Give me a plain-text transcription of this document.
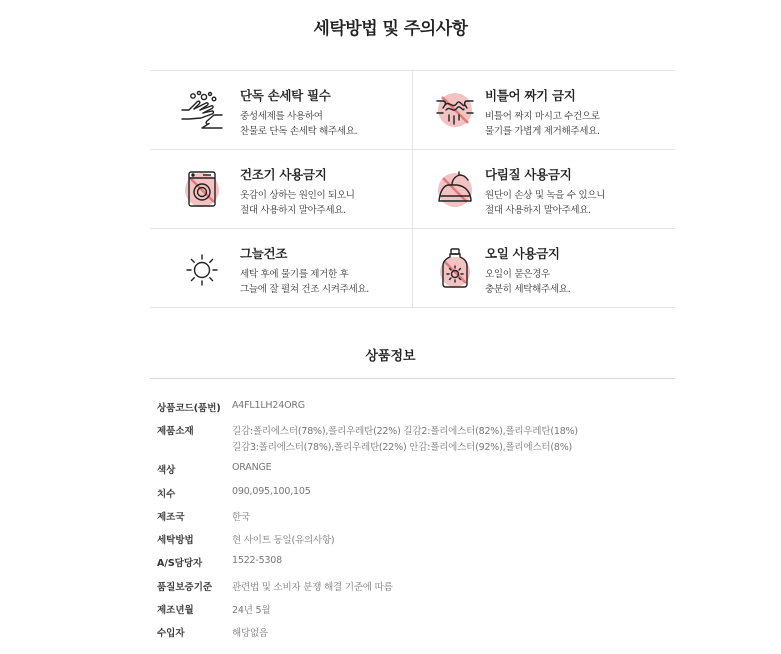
세탁방법 및 주의사항
단독 손세탁 필수
중성세제를 사용하여
찬물로 단독 손세탁 해주세요.
비틀어 짜기 금지
비틀어 짜지 마시고 수건으로
물기를 가볍게 제거해주세요.
건조기 사용금지
옷감이 상하는 원인이 되오니
절대 사용하지 말아주세요.
다림질 사용금지
원단이 손상 및 녹을 수 있으니
절대 사용하지 말아주세요.
그늘건조
세탁 후에 물기를 제거한 후
그늘에 잘 펼쳐 건조 시켜주세요.
오일 사용금지
오일이 묻은경우
충분히 세탁해주세요.
상품정보
상품코드(품번) A4FL1LH24ORG
제품소재	길감:폴리에스터(78%),폴리우레탄(22%) 길감2:폴리에스터(82%),폴리우레탄(18%)
길감3:폴리에스터(78%),폴리우레탄(22%) 안감:폴리에스터(92%),폴리에스터(8%)
색상	ORANGE
치수	090,095,100,105
제조국	한국
세탁방법	현 사이트 동일(유의사항)
A/S담당자	1522-5308
품질보증기준	관련법 및 소비자 분쟁 해결 기준에 따름
제조년월	24년 5월
수입자	해당없음
